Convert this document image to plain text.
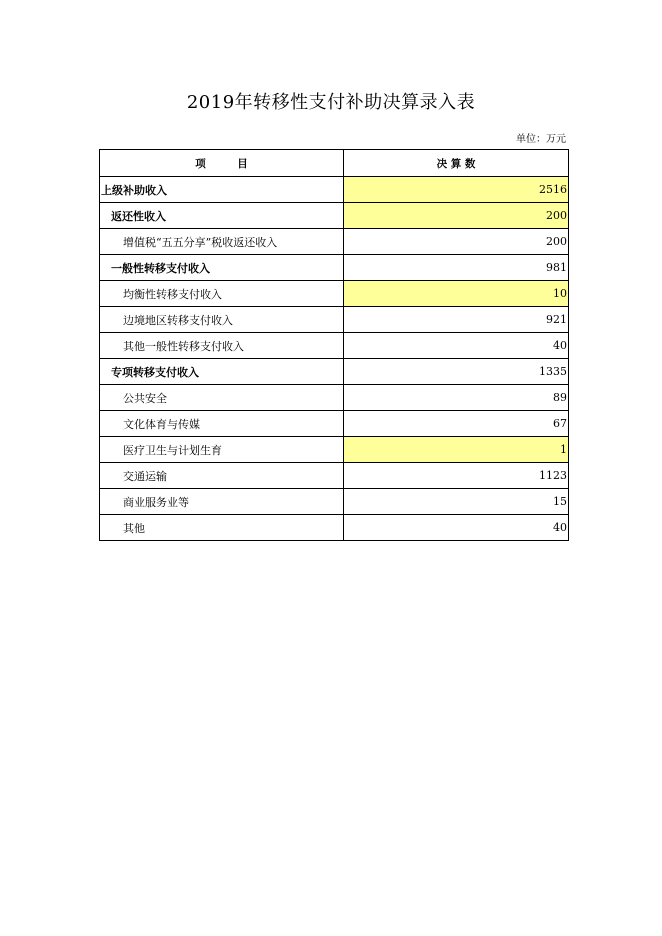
2019年转移性支付补助决算录入表
单位：万元
项　　　目	决 算 数
上级补助收入	2516
返还性收入	200
增值税“五五分享”税收返还收入	200
一般性转移支付收入	981
均衡性转移支付收入	10
边境地区转移支付收入	921
其他一般性转移支付收入	40
专项转移支付收入	1335
公共安全	89
文化体育与传媒	67
医疗卫生与计划生育	1
交通运输	1123
商业服务业等	15
其他	40
